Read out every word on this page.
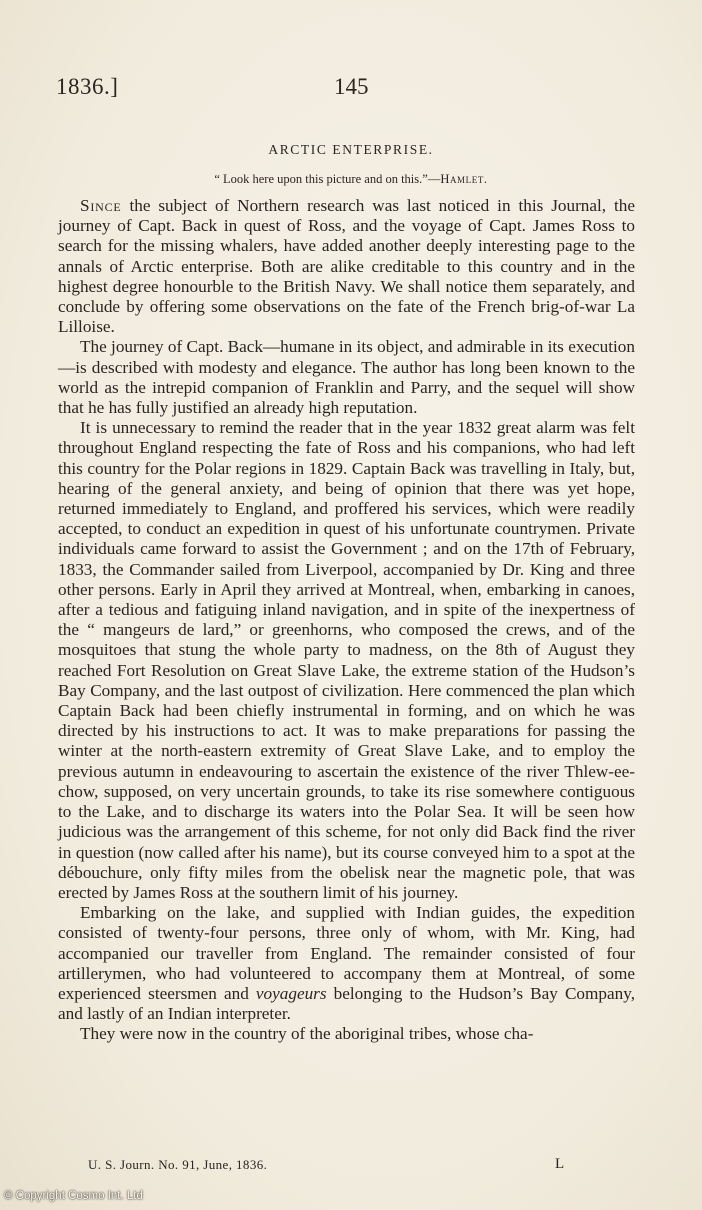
1836.]	145
ARCTIC ENTERPRISE.
“ Look here upon this picture and on this.”—Hamlet.

Since the subject of Northern research was last noticed in this Journal, the journey of Capt. Back in quest of Ross, and the voyage of Capt. James Ross to search for the missing whalers, have added another deeply interesting page to the annals of Arctic enterprise. Both are alike creditable to this country and in the highest degree honourble to the British Navy. We shall notice them separately, and conclude by offering some observations on the fate of the French brig-of-war La Lilloise.

The journey of Capt. Back—humane in its object, and admirable in its execution—is described with modesty and elegance. The author has long been known to the world as the intrepid companion of Franklin and Parry, and the sequel will show that he has fully justified an already high reputation.

It is unnecessary to remind the reader that in the year 1832 great alarm was felt throughout England respecting the fate of Ross and his companions, who had left this country for the Polar regions in 1829. Captain Back was travelling in Italy, but, hearing of the general anxiety, and being of opinion that there was yet hope, returned immediately to England, and proffered his services, which were readily accepted, to conduct an expedition in quest of his unfortunate countrymen. Private individuals came forward to assist the Government ; and on the 17th of February, 1833, the Commander sailed from Liverpool, accompanied by Dr. King and three other persons. Early in April they arrived at Montreal, when, embarking in canoes, after a tedious and fatiguing inland navigation, and in spite of the inexpertness of the “ mangeurs de lard,” or greenhorns, who composed the crews, and of the mosquitoes that stung the whole party to madness, on the 8th of August they reached Fort Resolution on Great Slave Lake, the extreme station of the Hudson’s Bay Company, and the last outpost of civilization. Here commenced the plan which Captain Back had been chiefly instrumental in forming, and on which he was directed by his instructions to act. It was to make preparations for passing the winter at the north-eastern extremity of Great Slave Lake, and to employ the previous autumn in endeavouring to ascertain the existence of the river Thlew-ee-chow, supposed, on very uncertain grounds, to take its rise somewhere contiguous to the Lake, and to discharge its waters into the Polar Sea. It will be seen how judicious was the arrangement of this scheme, for not only did Back find the river in question (now called after his name), but its course conveyed him to a spot at the débouchure, only fifty miles from the obelisk near the magnetic pole, that was erected by James Ross at the southern limit of his journey.

Embarking on the lake, and supplied with Indian guides, the expedition consisted of twenty-four persons, three only of whom, with Mr. King, had accompanied our traveller from England. The remainder consisted of four artillerymen, who had volunteered to accompany them at Montreal, of some experienced steersmen and voyageurs belonging to the Hudson’s Bay Company, and lastly of an Indian interpreter.

They were now in the country of the aboriginal tribes, whose cha-

U. S. Journ. No. 91, June, 1836.	L
© Copyright Cosmo Int. Ltd
